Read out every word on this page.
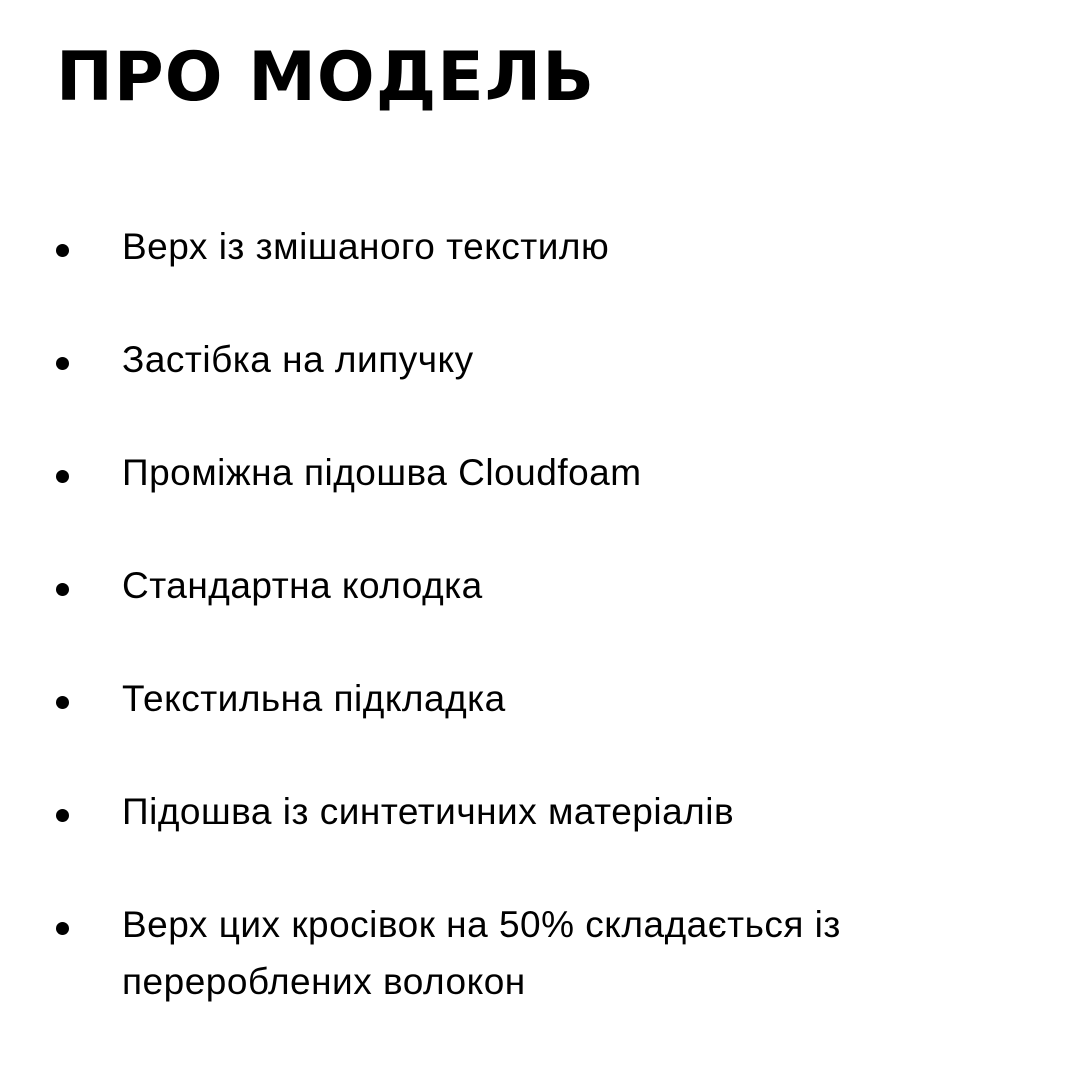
ПРО МОДЕЛЬ
Верх із змішаного текстилю
Застібка на липучку
Проміжна підошва Cloudfoam
Стандартна колодка
Текстильна підкладка
Підошва із синтетичних матеріалів
Верх цих кросівок на 50% складається із перероблених волокон
